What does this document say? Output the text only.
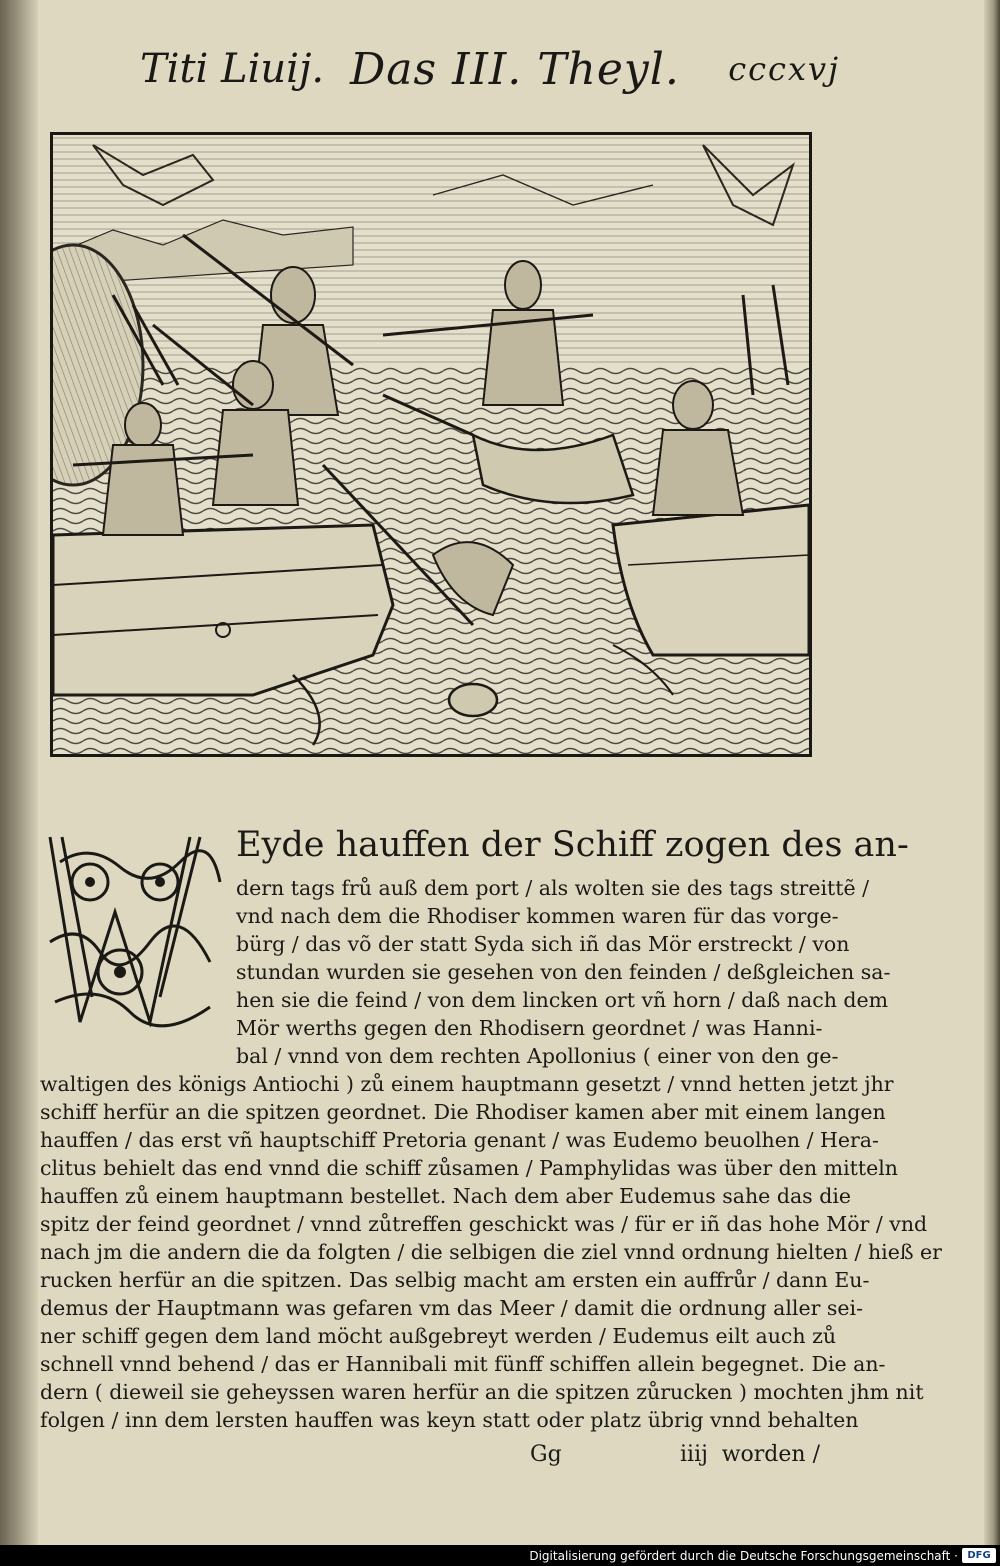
Titi Liuij. Das III. Theyl. cccxvj
Eyde hauffen der Schiff zogen des an-
dern tags frů auß dem port / als wolten sie des tags streittẽ /
vnd nach dem die Rhodiser kommen waren für das vorge-
bürg / das võ der statt Syda sich iñ das Mör erstreckt / von
stundan wurden sie gesehen von den feinden / deßgleichen sa-
hen sie die feind / von dem lincken ort vñ horn / daß nach dem
Mör werths gegen den Rhodisern geordnet / was Hanni-
bal / vnnd von dem rechten Apollonius ( einer von den ge-
waltigen des königs Antiochi ) zů einem hauptmann gesetzt / vnnd hetten jetzt jhr
schiff herfür an die spitzen geordnet. Die Rhodiser kamen aber mit einem langen
hauffen / das erst vñ hauptschiff Pretoria genant / was Eudemo beuolhen / Hera-
clitus behielt das end vnnd die schiff zůsamen / Pamphylidas was über den mitteln
hauffen zů einem hauptmann bestellet. Nach dem aber Eudemus sahe das die
spitz der feind geordnet / vnnd zůtreffen geschickt was / für er iñ das hohe Mör / vnd
nach jm die andern die da folgten / die selbigen die ziel vnnd ordnung hielten / hieß er
rucken herfür an die spitzen. Das selbig macht am ersten ein auffrůr / dann Eu-
demus der Hauptmann was gefaren vm das Meer / damit die ordnung aller sei-
ner schiff gegen dem land möcht außgebreyt werden / Eudemus eilt auch zů
schnell vnnd behend / das er Hannibali mit fünff schiffen allein begegnet. Die an-
dern ( dieweil sie geheyssen waren herfür an die spitzen zůrucken ) mochten jhm nit
folgen / inn dem lersten hauffen was keyn statt oder platz übrig vnnd behalten
Gg	iiij worden /
Digitalisierung gefördert durch die Deutsche Forschungsgemeinschaft · DFG
